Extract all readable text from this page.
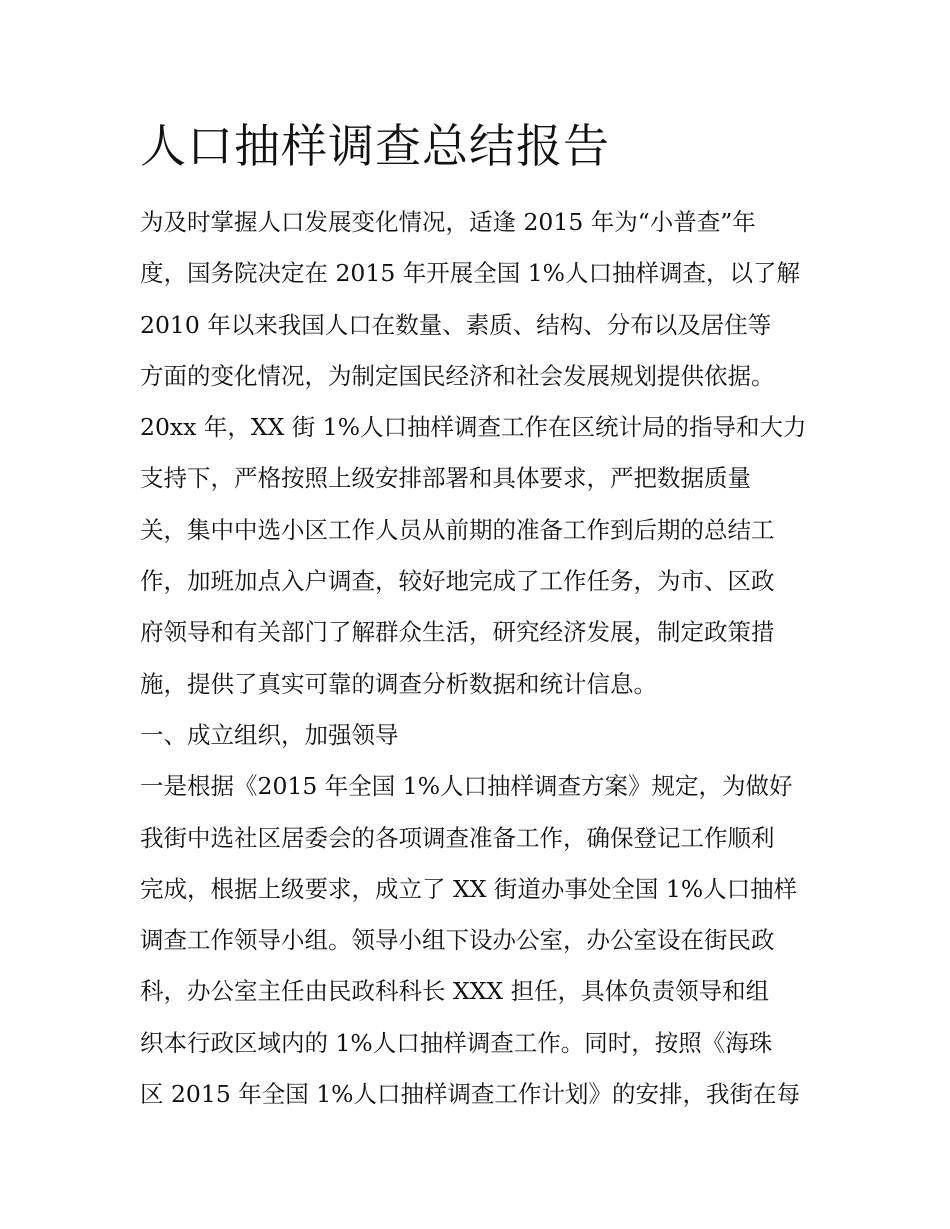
人口抽样调查总结报告
为及时掌握人口发展变化情况，适逢 2015 年为“小普查”年
度，国务院决定在 2015 年开展全国 1%人口抽样调查，以了解
2010 年以来我国人口在数量、素质、结构、分布以及居住等
方面的变化情况，为制定国民经济和社会发展规划提供依据。
20xx 年，XX 街 1%人口抽样调查工作在区统计局的指导和大力
支持下，严格按照上级安排部署和具体要求，严把数据质量
关，集中中选小区工作人员从前期的准备工作到后期的总结工
作，加班加点入户调查，较好地完成了工作任务，为市、区政
府领导和有关部门了解群众生活，研究经济发展，制定政策措
施，提供了真实可靠的调查分析数据和统计信息。
一、成立组织，加强领导
一是根据《2015 年全国 1%人口抽样调查方案》规定，为做好
我街中选社区居委会的各项调查准备工作，确保登记工作顺利
完成，根据上级要求，成立了 XX 街道办事处全国 1%人口抽样
调查工作领导小组。领导小组下设办公室，办公室设在街民政
科，办公室主任由民政科科长 XXX 担任，具体负责领导和组
织本行政区域内的 1%人口抽样调查工作。同时，按照《海珠
区 2015 年全国 1%人口抽样调查工作计划》的安排，我街在每
